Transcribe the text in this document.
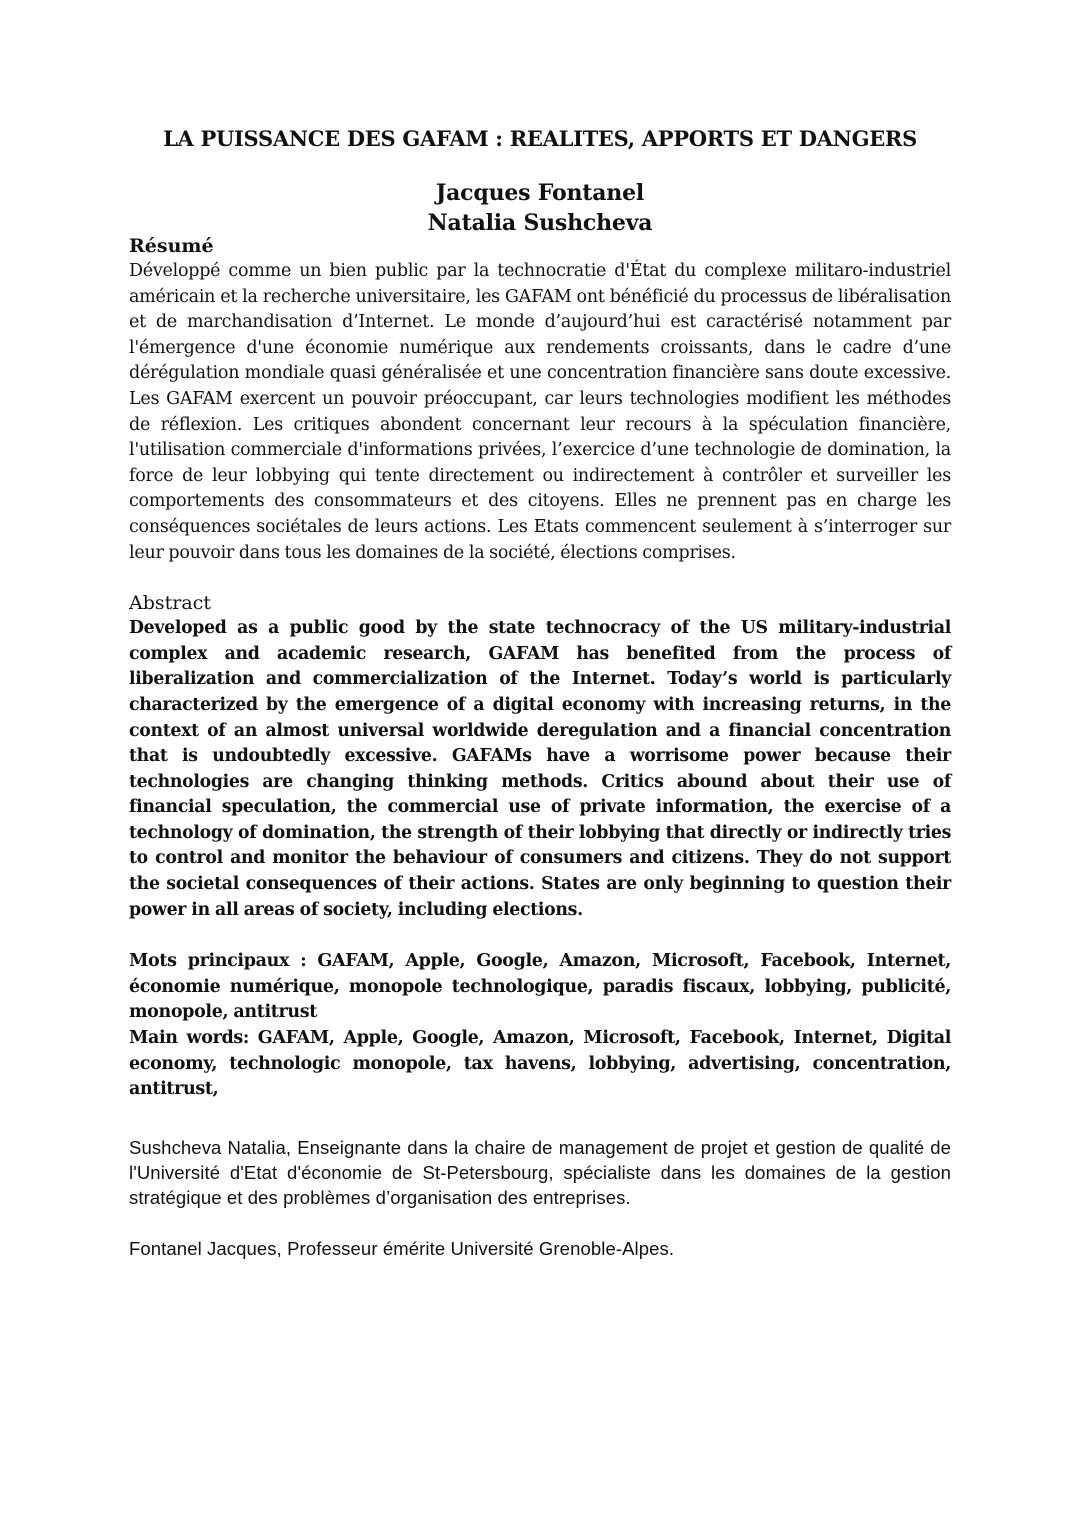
LA PUISSANCE DES GAFAM : REALITES, APPORTS ET DANGERS
Jacques Fontanel
Natalia Sushcheva
Résumé

Développé comme un bien public par la technocratie d'État du complexe militaro-industriel américain et la recherche universitaire, les GAFAM ont bénéficié du processus de libéralisation et de marchandisation d’Internet. Le monde d’aujourd’hui est caractérisé notamment par l'émergence d'une économie numérique aux rendements croissants, dans le cadre d’une dérégulation mondiale quasi généralisée et une concentration financière sans doute excessive. Les GAFAM exercent un pouvoir préoccupant, car leurs technologies modifient les méthodes de réflexion. Les critiques abondent concernant leur recours à la spéculation financière, l'utilisation commerciale d'informations privées, l’exercice d’une technologie de domination, la force de leur lobbying qui tente directement ou indirectement à contrôler et surveiller les comportements des consommateurs et des citoyens. Elles ne prennent pas en charge les conséquences sociétales de leurs actions. Les Etats commencent seulement à s’interroger sur leur pouvoir dans tous les domaines de la société, élections comprises.

Abstract

Developed as a public good by the state technocracy of the US military-industrial complex and academic research, GAFAM has benefited from the process of liberalization and commercialization of the Internet. Today’s world is particularly characterized by the emergence of a digital economy with increasing returns, in the context of an almost universal worldwide deregulation and a financial concentration that is undoubtedly excessive. GAFAMs have a worrisome power because their technologies are changing thinking methods. Critics abound about their use of financial speculation, the commercial use of private information, the exercise of a technology of domination, the strength of their lobbying that directly or indirectly tries to control and monitor the behaviour of consumers and citizens. They do not support the societal consequences of their actions. States are only beginning to question their power in all areas of society, including elections.

Mots principaux : GAFAM, Apple, Google, Amazon, Microsoft, Facebook, Internet, économie numérique, monopole technologique, paradis fiscaux, lobbying, publicité, monopole, antitrust
Main words: GAFAM, Apple, Google, Amazon, Microsoft, Facebook, Internet, Digital economy, technologic monopole, tax havens, lobbying, advertising, concentration, antitrust,

Sushcheva Natalia, Enseignante dans la chaire de management de projet et gestion de qualité de l'Université d'Etat d'économie de St-Petersbourg, spécialiste dans les domaines de la gestion stratégique et des problèmes d’organisation des entreprises.

Fontanel Jacques, Professeur émérite Université Grenoble-Alpes.
